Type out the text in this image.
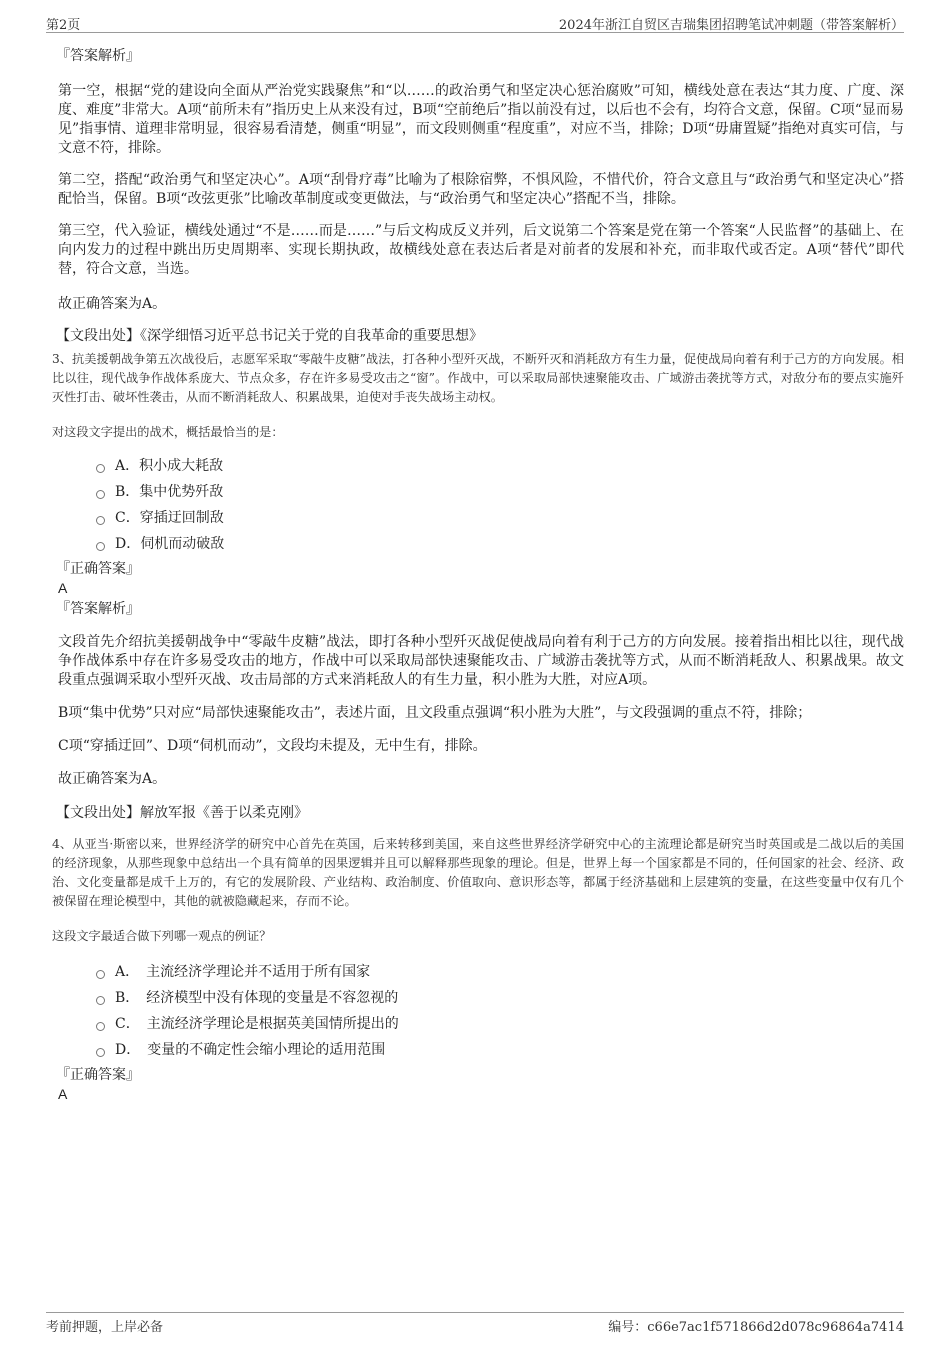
第2页	2024年浙江自贸区吉瑞集团招聘笔试冲刺题（带答案解析）

『答案解析』

第一空，根据“党的建设向全面从严治党实践聚焦”和“以……的政治勇气和坚定决心惩治腐败”可知，横线处意在表达“其力度、广度、深度、难度”非常大。A项“前所未有”指历史上从来没有过，B项“空前绝后”指以前没有过，以后也不会有，均符合文意，保留。C项“显而易见”指事情、道理非常明显，很容易看清楚，侧重“明显”，而文段则侧重“程度重”，对应不当，排除；D项“毋庸置疑”指绝对真实可信，与文意不符，排除。

第二空，搭配“政治勇气和坚定决心”。A项“刮骨疗毒”比喻为了根除宿弊，不惧风险，不惜代价，符合文意且与“政治勇气和坚定决心”搭配恰当，保留。B项“改弦更张”比喻改革制度或变更做法，与“政治勇气和坚定决心”搭配不当，排除。

第三空，代入验证，横线处通过“不是……而是……”与后文构成反义并列，后文说第二个答案是党在第一个答案“人民监督”的基础上、在向内发力的过程中跳出历史周期率、实现长期执政，故横线处意在表达后者是对前者的发展和补充，而非取代或否定。A项“替代”即代替，符合文意，当选。

故正确答案为A。

【文段出处】《深学细悟习近平总书记关于党的自我革命的重要思想》

3、抗美援朝战争第五次战役后，志愿军采取“零敲牛皮糖”战法，打各种小型歼灭战，不断歼灭和消耗敌方有生力量，促使战局向着有利于己方的方向发展。相比以往，现代战争作战体系庞大、节点众多，存在许多易受攻击之“窗”。作战中，可以采取局部快速聚能攻击、广域游击袭扰等方式，对敌分布的要点实施歼灭性打击、破坏性袭击，从而不断消耗敌人、积累战果，迫使对手丧失战场主动权。

对这段文字提出的战术，概括最恰当的是：

A．积小成大耗敌
B．集中优势歼敌
C．穿插迂回制敌
D．伺机而动破敌

『正确答案』

A

『答案解析』

文段首先介绍抗美援朝战争中“零敲牛皮糖”战法，即打各种小型歼灭战促使战局向着有利于己方的方向发展。接着指出相比以往，现代战争作战体系中存在许多易受攻击的地方，作战中可以采取局部快速聚能攻击、广域游击袭扰等方式，从而不断消耗敌人、积累战果。故文段重点强调采取小型歼灭战、攻击局部的方式来消耗敌人的有生力量，积小胜为大胜，对应A项。

B项“集中优势”只对应“局部快速聚能攻击”，表述片面，且文段重点强调“积小胜为大胜”，与文段强调的重点不符，排除；

C项“穿插迂回”、D项“伺机而动”，文段均未提及，无中生有，排除。

故正确答案为A。

【文段出处】解放军报《善于以柔克刚》

4、从亚当·斯密以来，世界经济学的研究中心首先在英国，后来转移到美国，来自这些世界经济学研究中心的主流理论都是研究当时英国或是二战以后的美国的经济现象，从那些现象中总结出一个具有简单的因果逻辑并且可以解释那些现象的理论。但是，世界上每一个国家都是不同的，任何国家的社会、经济、政治、文化变量都是成千上万的，有它的发展阶段、产业结构、政治制度、价值取向、意识形态等，都属于经济基础和上层建筑的变量，在这些变量中仅有几个被保留在理论模型中，其他的就被隐藏起来，存而不论。

这段文字最适合做下列哪一观点的例证？

A．　主流经济学理论并不适用于所有国家
B．　经济模型中没有体现的变量是不容忽视的
C．　主流经济学理论是根据英美国情所提出的
D．　变量的不确定性会缩小理论的适用范围

『正确答案』

A

考前押题，上岸必备	编号：c66e7ac1f571866d2d078c96864a7414
